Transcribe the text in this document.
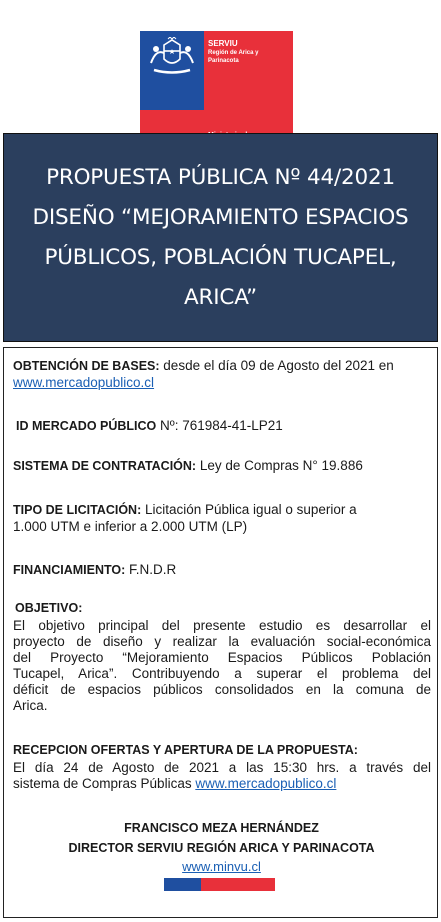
SERVIU
Región de Arica y
Parinacota
PROPUESTA PÚBLICA Nº 44/2021
DISEÑO “MEJORAMIENTO ESPACIOS
PÚBLICOS, POBLACIÓN TUCAPEL,
ARICA”
OBTENCIÓN DE BASES: desde el día 09 de Agosto del 2021 en
www.mercadopublico.cl
ID MERCADO PÚBLICO Nº: 761984-41-LP21
SISTEMA DE CONTRATACIÓN: Ley de Compras N° 19.886
TIPO DE LICITACIÓN: Licitación Pública igual o superior a
1.000 UTM e inferior a 2.000 UTM (LP)
FINANCIAMIENTO: F.N.D.R
OBJETIVO:
El objetivo principal del presente estudio es desarrollar el
proyecto de diseño y realizar la evaluación social-económica
del Proyecto “Mejoramiento Espacios Públicos Población
Tucapel, Arica”. Contribuyendo a superar el problema del
déficit de espacios públicos consolidados en la comuna de
Arica.
RECEPCION OFERTAS Y APERTURA DE LA PROPUESTA:
El día 24 de Agosto de 2021 a las 15:30 hrs. a través del
sistema de Compras Públicas www.mercadopublico.cl
FRANCISCO MEZA HERNÁNDEZ
DIRECTOR SERVIU REGIÓN ARICA Y PARINACOTA
www.minvu.cl
